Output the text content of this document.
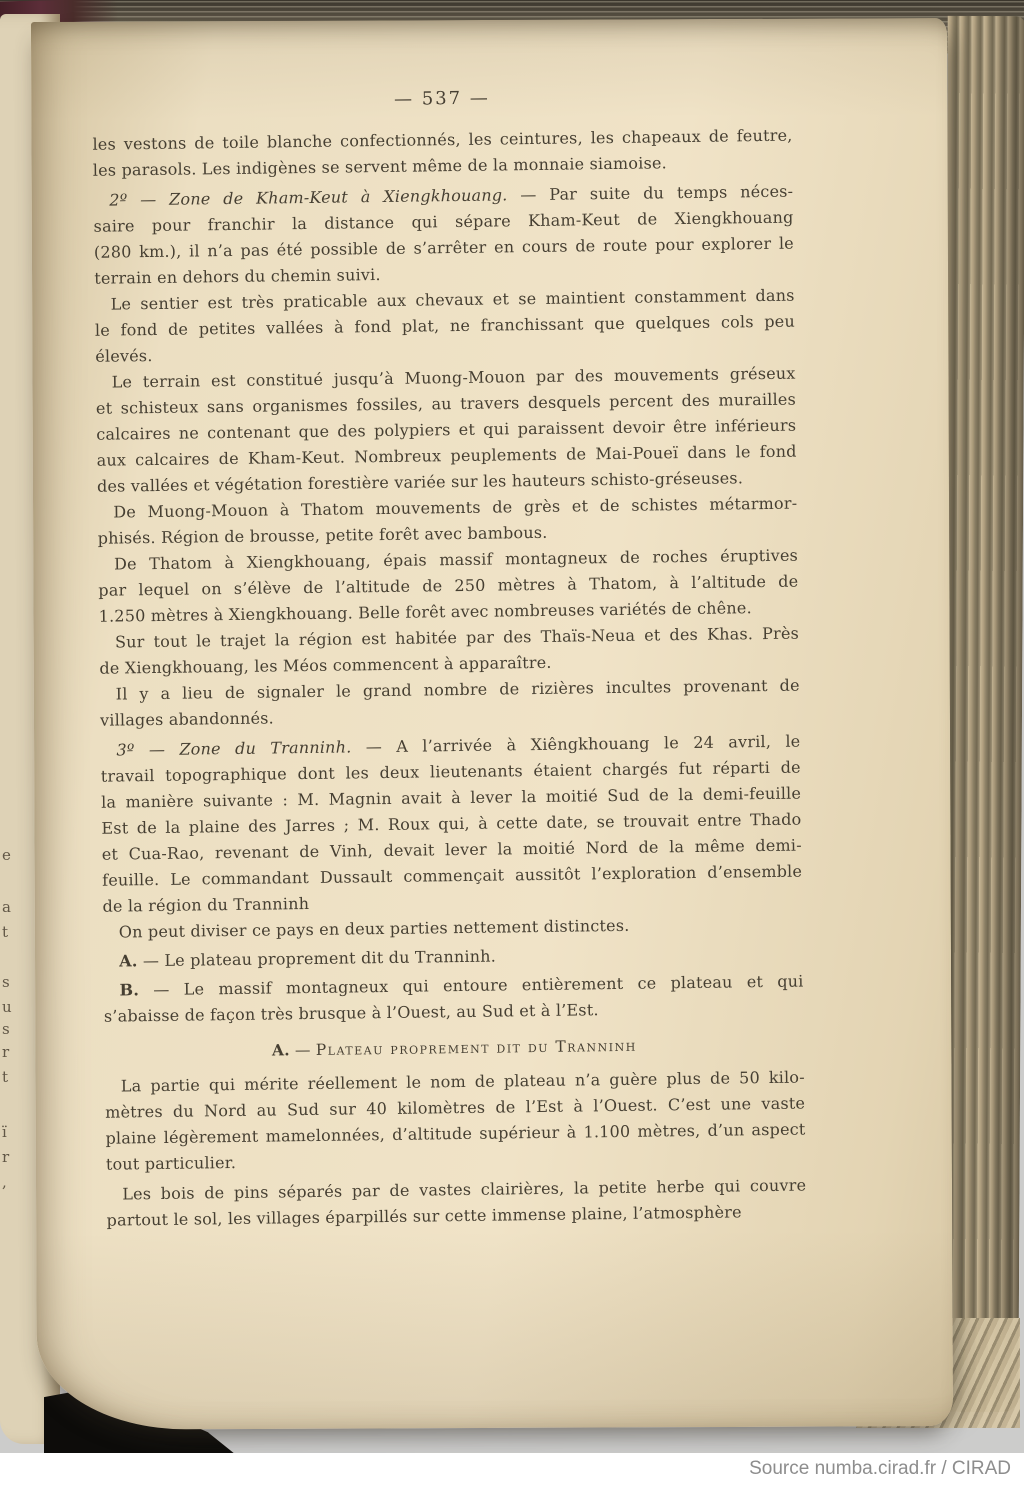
e
a
t
s
u
s
r
t
ï
r
,
— 537 —
les vestons de toile blanche confectionnés, les ceintures, les chapeaux de feutre,
les parasols. Les indigènes se servent même de la monnaie siamoise.
2º — Zone de Kham-Keut à Xiengkhouang. — Par suite du temps néces-
saire pour franchir la distance qui sépare Kham-Keut de Xiengkhouang
(280 km.), il n’a pas été possible de s’arrêter en cours de route pour explorer le
terrain en dehors du chemin suivi.
Le sentier est très praticable aux chevaux et se maintient constamment dans
le fond de petites vallées à fond plat, ne franchissant que quelques cols peu
élevés.
Le terrain est constitué jusqu’à Muong-Mouon par des mouvements gréseux
et schisteux sans organismes fossiles, au travers desquels percent des murailles
calcaires ne contenant que des polypiers et qui paraissent devoir être inférieurs
aux calcaires de Kham-Keut. Nombreux peuplements de Mai-Poueï dans le fond
des vallées et végétation forestière variée sur les hauteurs schisto-gréseuses.
De Muong-Mouon à Thatom mouvements de grès et de schistes métarmor-
phisés. Région de brousse, petite forêt avec bambous.
De Thatom à Xiengkhouang, épais massif montagneux de roches éruptives
par lequel on s’élève de l’altitude de 250 mètres à Thatom, à l’altitude de
1.250 mètres à Xiengkhouang. Belle forêt avec nombreuses variétés de chêne.
Sur tout le trajet la région est habitée par des Thaïs-Neua et des Khas. Près
de Xiengkhouang, les Méos commencent à apparaître.
Il y a lieu de signaler le grand nombre de rizières incultes provenant de
villages abandonnés.
3º — Zone du Tranninh. — A l’arrivée à Xiêngkhouang le 24 avril, le
travail topographique dont les deux lieutenants étaient chargés fut réparti de
la manière suivante : M. Magnin avait à lever la moitié Sud de la demi-feuille
Est de la plaine des Jarres ; M. Roux qui, à cette date, se trouvait entre Thado
et Cua-Rao, revenant de Vinh, devait lever la moitié Nord de la même demi-
feuille. Le commandant Dussault commençait aussitôt l’exploration d’ensemble
de la région du Tranninh
On peut diviser ce pays en deux parties nettement distinctes.
A. — Le plateau proprement dit du Tranninh.
B. — Le massif montagneux qui entoure entièrement ce plateau et qui
s’abaisse de façon très brusque à l’Ouest, au Sud et à l’Est.
A. — Plateau proprement dit du Tranninh
La partie qui mérite réellement le nom de plateau n’a guère plus de 50 kilo-
mètres du Nord au Sud sur 40 kilomètres de l’Est à l’Ouest. C’est une vaste
plaine légèrement mamelonnées, d’altitude supérieur à 1.100 mètres, d’un aspect
tout particulier.
Les bois de pins séparés par de vastes clairières, la petite herbe qui couvre
partout le sol, les villages éparpillés sur cette immense plaine, l’atmosphère
Source numba.cirad.fr / CIRAD
